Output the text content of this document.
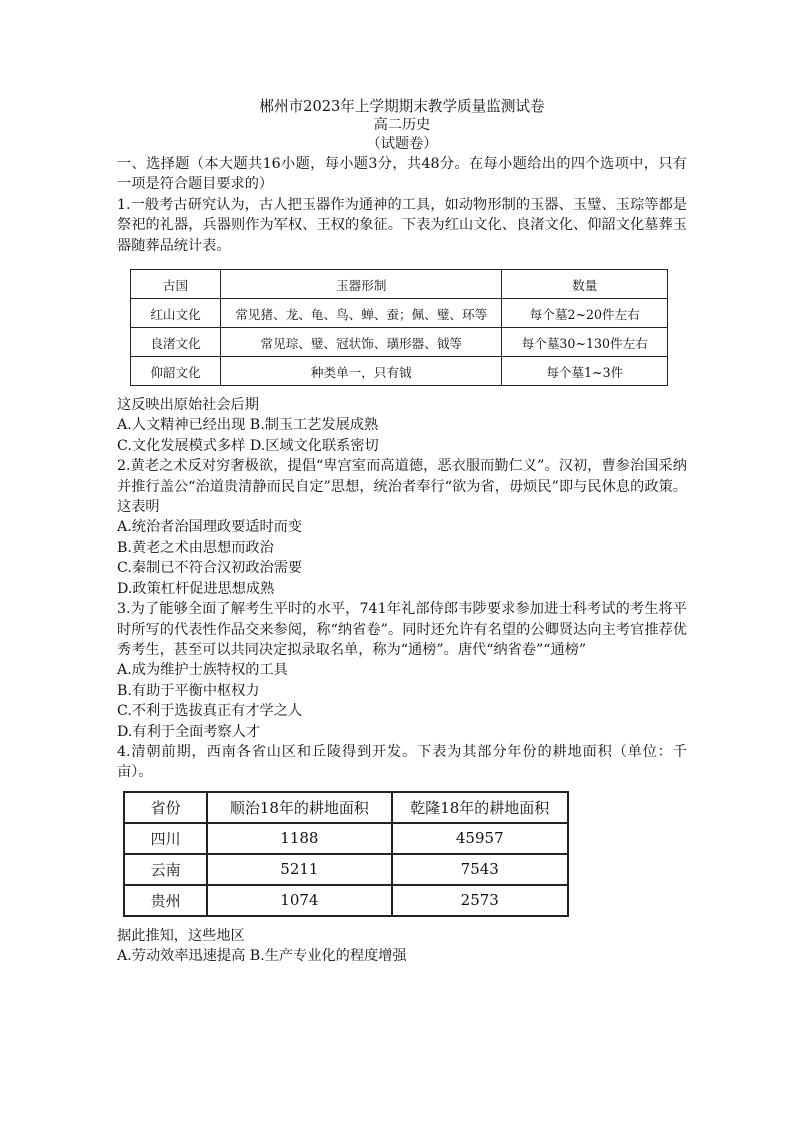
郴州市2023年上学期期末教学质量监测试卷
高二历史
（试题卷）

一、选择题（本大题共16小题，每小题3分，共48分。在每小题给出的四个选项中，只有一项是符合题目要求的）

1.一般考古研究认为，古人把玉器作为通神的工具，如动物形制的玉器、玉璧、玉琮等都是祭祀的礼器，兵器则作为军权、王权的象征。下表为红山文化、良渚文化、仰韶文化墓葬玉器随葬品统计表。

古国	玉器形制	数量
红山文化	常见猪、龙、龟、鸟、蝉、蚕；佩、璧、环等	每个墓2~20件左右
良渚文化	常见琮、璧、冠状饰、璜形器、钺等	每个墓30~130件左右
仰韶文化	种类单一，只有钺	每个墓1~3件

这反映出原始社会后期

A.人文精神已经出现 B.制玉工艺发展成熟

C.文化发展模式多样 D.区域文化联系密切

2.黄老之术反对穷奢极欲，提倡“卑宫室而高道德，恶衣服而勤仁义”。汉初，曹参治国采纳并推行盖公“治道贵清静而民自定”思想，统治者奉行“欲为省，毋烦民”即与民休息的政策。这表明

A.统治者治国理政要适时而变

B.黄老之术由思想而政治

C.秦制已不符合汉初政治需要

D.政策杠杆促进思想成熟

3.为了能够全面了解考生平时的水平，741年礼部侍郎韦陟要求参加进士科考试的考生将平时所写的代表性作品交来参阅，称“纳省卷”。同时还允许有名望的公卿贤达向主考官推荐优秀考生，甚至可以共同决定拟录取名单，称为“通榜”。唐代“纳省卷”“通榜”

A.成为维护士族特权的工具

B.有助于平衡中枢权力

C.不利于选拔真正有才学之人

D.有利于全面考察人才

4.清朝前期，西南各省山区和丘陵得到开发。下表为其部分年份的耕地面积（单位：千亩）。

省份	顺治18年的耕地面积	乾隆18年的耕地面积
四川	1188	45957
云南	5211	7543
贵州	1074	2573

据此推知，这些地区

A.劳动效率迅速提高 B.生产专业化的程度增强
